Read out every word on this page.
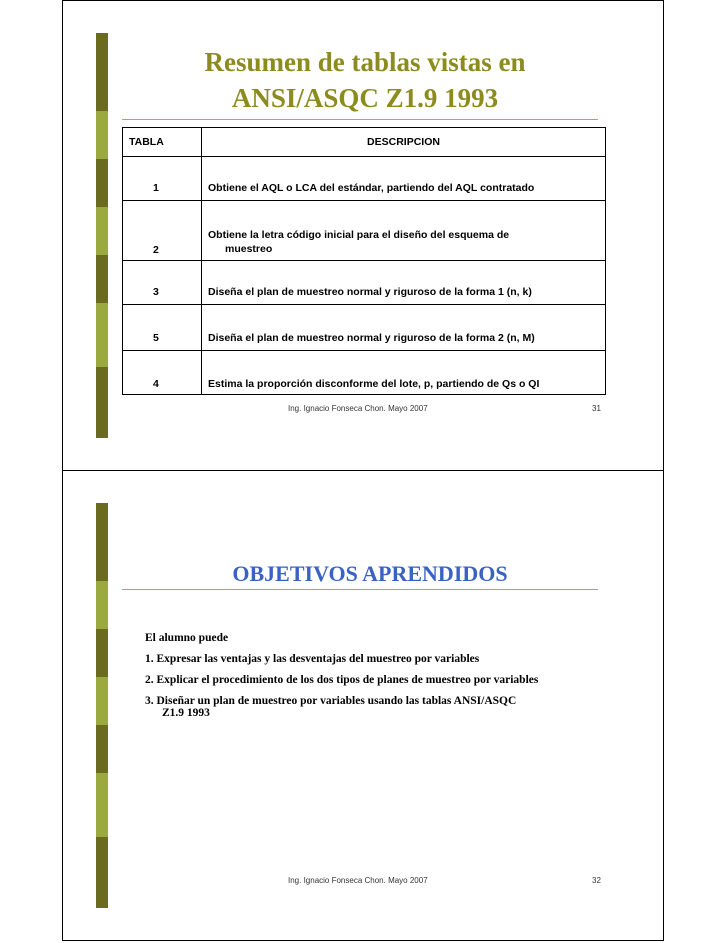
Resumen de tablas vistas en
ANSI/ASQC Z1.9 1993
TABLA	DESCRIPCION
1	Obtiene el AQL o LCA del estándar, partiendo del AQL contratado
2	Obtiene la letra código inicial para el diseño del esquema de
muestreo
3	Diseña el plan de muestreo normal y riguroso de la forma 1 (n, k)
5	Diseña el plan de muestreo normal y riguroso de la forma 2 (n, M)
4	Estima la proporción disconforme del lote, p, partiendo de Qs o QI
Ing. Ignacio Fonseca Chon. Mayo 2007	31
OBJETIVOS APRENDIDOS
El alumno puede
1. Expresar las ventajas y las desventajas del muestreo por variables
2. Explicar el procedimiento de los dos tipos de planes de muestreo por variables
3. Diseñar un plan de muestreo por variables usando las tablas ANSI/ASQC
Z1.9 1993
Ing. Ignacio Fonseca Chon. Mayo 2007	32
